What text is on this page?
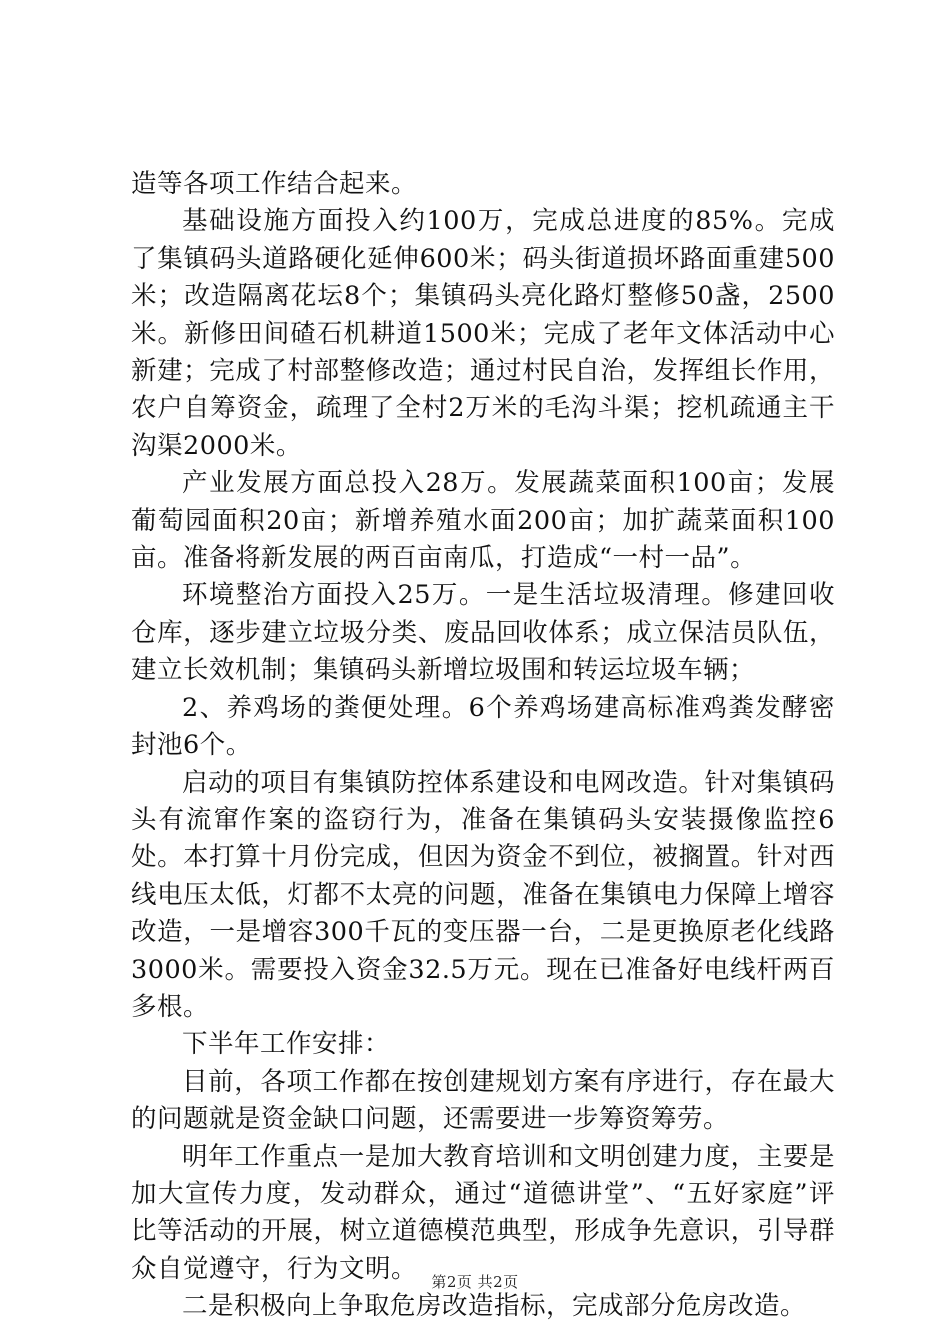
造等各项工作结合起来。

基础设施方面投入约100万，完成总进度的85%。完成了集镇码头道路硬化延伸600米；码头街道损坏路面重建500米；改造隔离花坛8个；集镇码头亮化路灯整修50盏，2500米。新修田间碴石机耕道1500米；完成了老年文体活动中心新建；完成了村部整修改造；通过村民自治，发挥组长作用，农户自筹资金，疏理了全村2万米的毛沟斗渠；挖机疏通主干沟渠2000米。

产业发展方面总投入28万。发展蔬菜面积100亩；发展葡萄园面积20亩；新增养殖水面200亩；加扩蔬菜面积100亩。准备将新发展的两百亩南瓜，打造成“一村一品”。

环境整治方面投入25万。一是生活垃圾清理。修建回收仓库，逐步建立垃圾分类、废品回收体系；成立保洁员队伍，建立长效机制；集镇码头新增垃圾围和转运垃圾车辆；

2、养鸡场的粪便处理。6个养鸡场建高标准鸡粪发酵密封池6个。

启动的项目有集镇防控体系建设和电网改造。针对集镇码头有流窜作案的盗窃行为，准备在集镇码头安装摄像监控6处。本打算十月份完成，但因为资金不到位，被搁置。针对西线电压太低，灯都不太亮的问题，准备在集镇电力保障上增容改造，一是增容300千瓦的变压器一台，二是更换原老化线路3000米。需要投入资金32.5万元。现在已准备好电线杆两百多根。

下半年工作安排：

目前，各项工作都在按创建规划方案有序进行，存在最大的问题就是资金缺口问题，还需要进一步筹资筹劳。

明年工作重点一是加大教育培训和文明创建力度，主要是加大宣传力度，发动群众，通过“道德讲堂”、“五好家庭”评比等活动的开展，树立道德模范典型，形成争先意识，引导群众自觉遵守，行为文明。

二是积极向上争取危房改造指标，完成部分危房改造。

第2页 共2页
